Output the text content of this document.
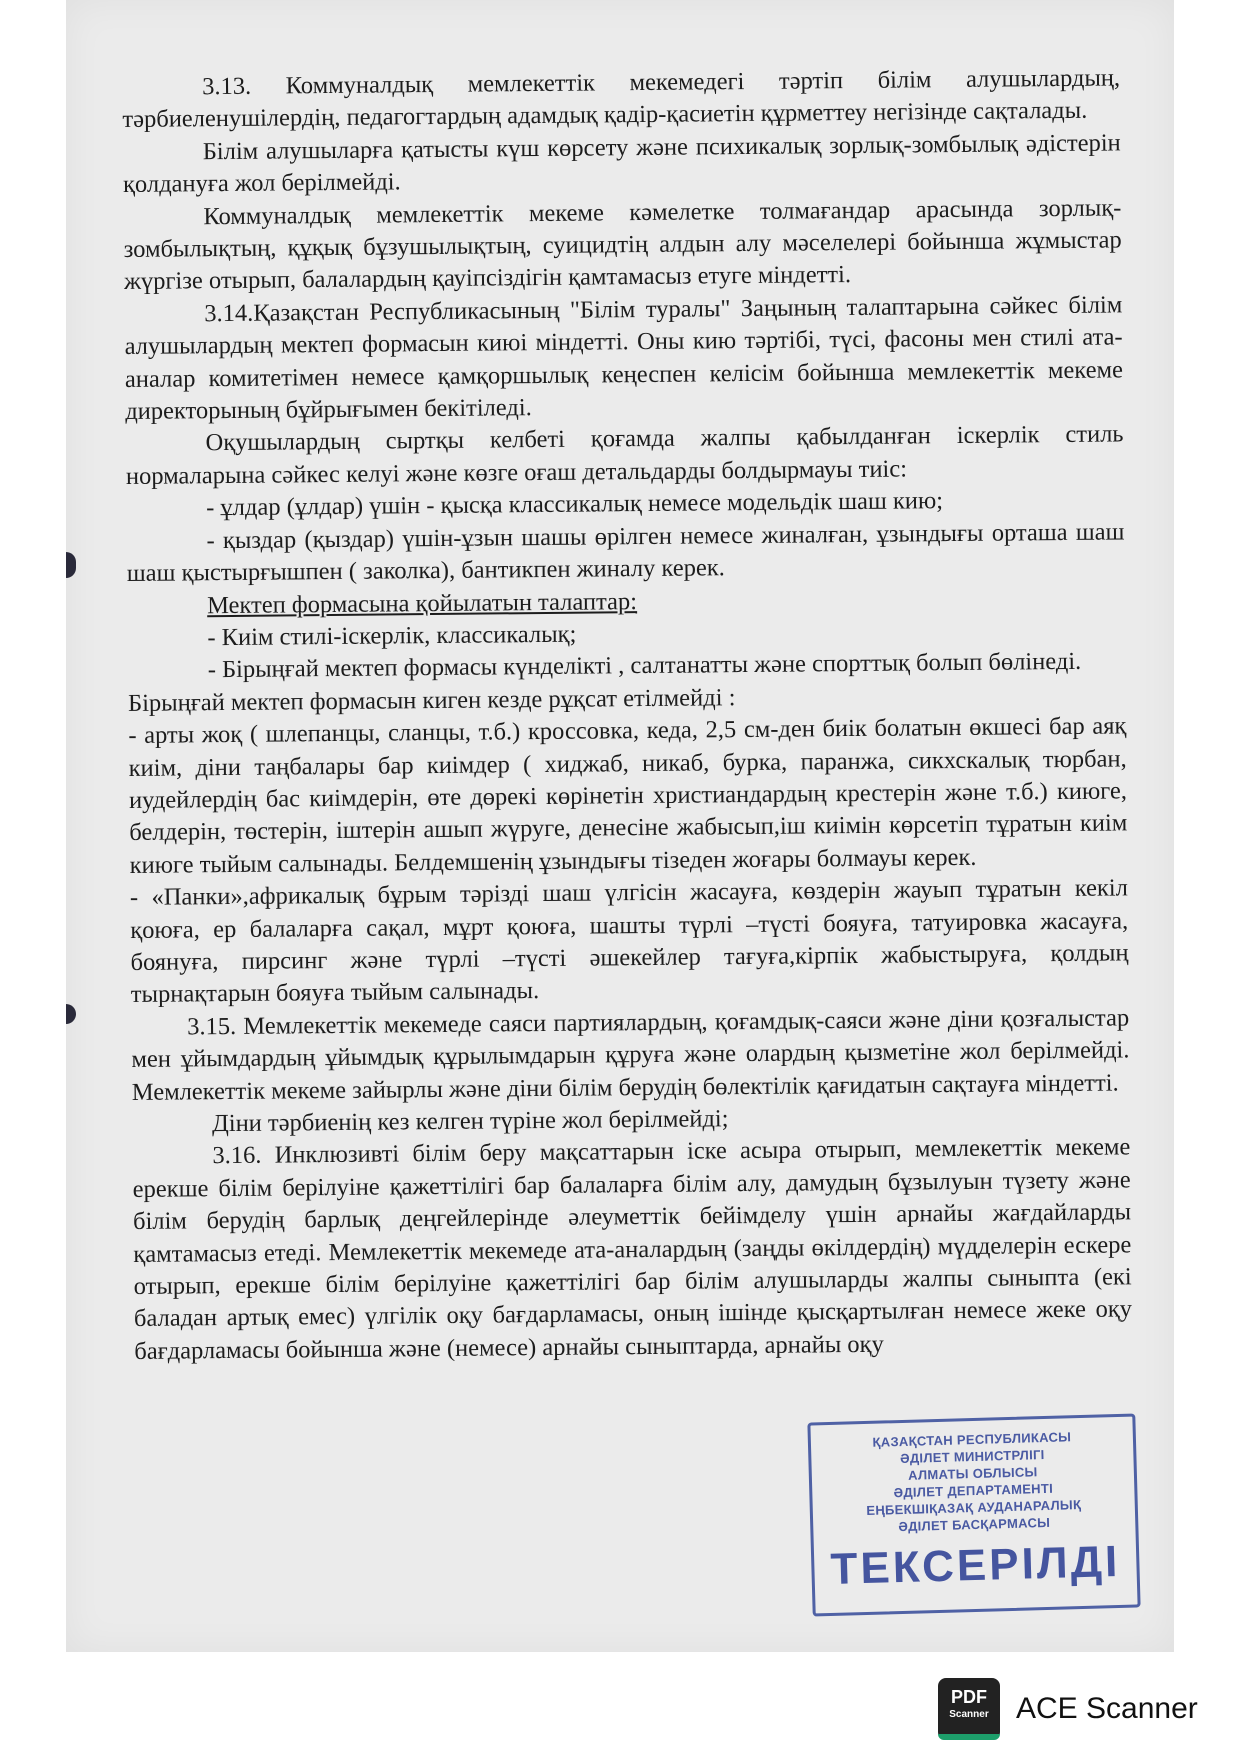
3.13. Коммуналдық мемлекеттік мекемедегі тәртіп білім алушылардың, тәрбиеленушілердің, педагогтардың адамдық қадір-қасиетін құрметтеу негізінде сақталады.

Білім алушыларға қатысты күш көрсету және психикалық зорлық-зомбылық әдістерін қолдануға жол берілмейді.

Коммуналдық мемлекеттік мекеме кәмелетке толмағандар арасында зорлық-зомбылықтың, құқық бұзушылықтың, суицидтің алдын алу мәселелері бойынша жұмыстар жүргізе отырып, балалардың қауіпсіздігін қамтамасыз етуге міндетті.

3.14.Қазақстан Республикасының "Білім туралы" Заңының талаптарына сәйкес білім алушылардың мектеп формасын киюі міндетті. Оны кию тәртібі, түсі, фасоны мен стилі ата-аналар комитетімен немесе қамқоршылық кеңеспен келісім бойынша мемлекеттік мекеме директорының бұйрығымен бекітіледі.

Оқушылардың сыртқы келбеті қоғамда жалпы қабылданған іскерлік стиль нормаларына сәйкес келуі және көзге оғаш детальдарды болдырмауы тиіс:

- ұлдар (ұлдар) үшін - қысқа классикалық немесе модельдік шаш кию;

- қыздар (қыздар) үшін-ұзын шашы өрілген немесе жиналған, ұзындығы орташа шаш шаш қыстырғышпен ( заколка), бантикпен жиналу керек.

Мектеп формасына қойылатын талаптар:

- Киім стилі-іскерлік, классикалық;

- Бірыңғай мектеп формасы күнделікті , салтанатты және спорттық болып бөлінеді.

Бірыңғай мектеп формасын киген кезде рұқсат етілмейді :

- арты жоқ ( шлепанцы, сланцы, т.б.) кроссовка, кеда, 2,5 см-ден биік болатын өкшесі бар аяқ киім, діни таңбалары бар киімдер ( хиджаб, никаб, бурка, паранжа, сикхскалық тюрбан, иудейлердің бас киімдерін, өте дөрекі көрінетін христиандардың крестерін және т.б.) киюге, белдерін, төстерін, іштерін ашып жүруге, денесіне жабысып,іш киімін көрсетіп тұратын киім киюге тыйым салынады. Белдемшенің ұзындығы тізеден жоғары болмауы керек.

- «Панки»,африкалық бұрым тәрізді шаш үлгісін жасауға, көздерін жауып тұратын кекіл қоюға, ер балаларға сақал, мұрт қоюға, шашты түрлі –түсті бояуға, татуировка жасауға, боянуға, пирсинг және түрлі –түсті әшекейлер тағуға,кірпік жабыстыруға, қолдың тырнақтарын бояуға тыйым салынады.

3.15. Мемлекеттік мекемеде саяси партиялардың, қоғамдық-саяси және діни қозғалыстар мен ұйымдардың ұйымдық құрылымдарын құруға және олардың қызметіне жол берілмейді. Мемлекеттік мекеме зайырлы және діни білім берудің бөлектілік қағидатын сақтауға міндетті.

Діни тәрбиенің кез келген түріне жол берілмейді;

3.16. Инклюзивті білім беру мақсаттарын іске асыра отырып, мемлекеттік мекеме ерекше білім берілуіне қажеттілігі бар балаларға білім алу, дамудың бұзылуын түзету және білім берудің барлық деңгейлерінде әлеуметтік бейімделу үшін арнайы жағдайларды қамтамасыз етеді. Мемлекеттік мекемеде ата-аналардың (заңды өкілдердің) мүдделерін ескере отырып, ерекше білім берілуіне қажеттілігі бар білім алушыларды жалпы сыныпта (екі баладан артық емес) үлгілік оқу бағдарламасы, оның ішінде қысқартылған немесе жеке оқу бағдарламасы бойынша және (немесе) арнайы сыныптарда, арнайы оқу

ҚАЗАҚСТАН РЕСПУБЛИКАСЫ
ӘДІЛЕТ МИНИСТРЛІГІ
АЛМАТЫ ОБЛЫСЫ
ӘДІЛЕТ ДЕПАРТАМЕНТІ
ЕҢБЕКШІҚАЗАҚ АУДАНАРАЛЫҚ
ӘДІЛЕТ БАСҚАРМАСЫ
ТЕКСЕРІЛДІ
PDF
Scanner ACE Scanner
